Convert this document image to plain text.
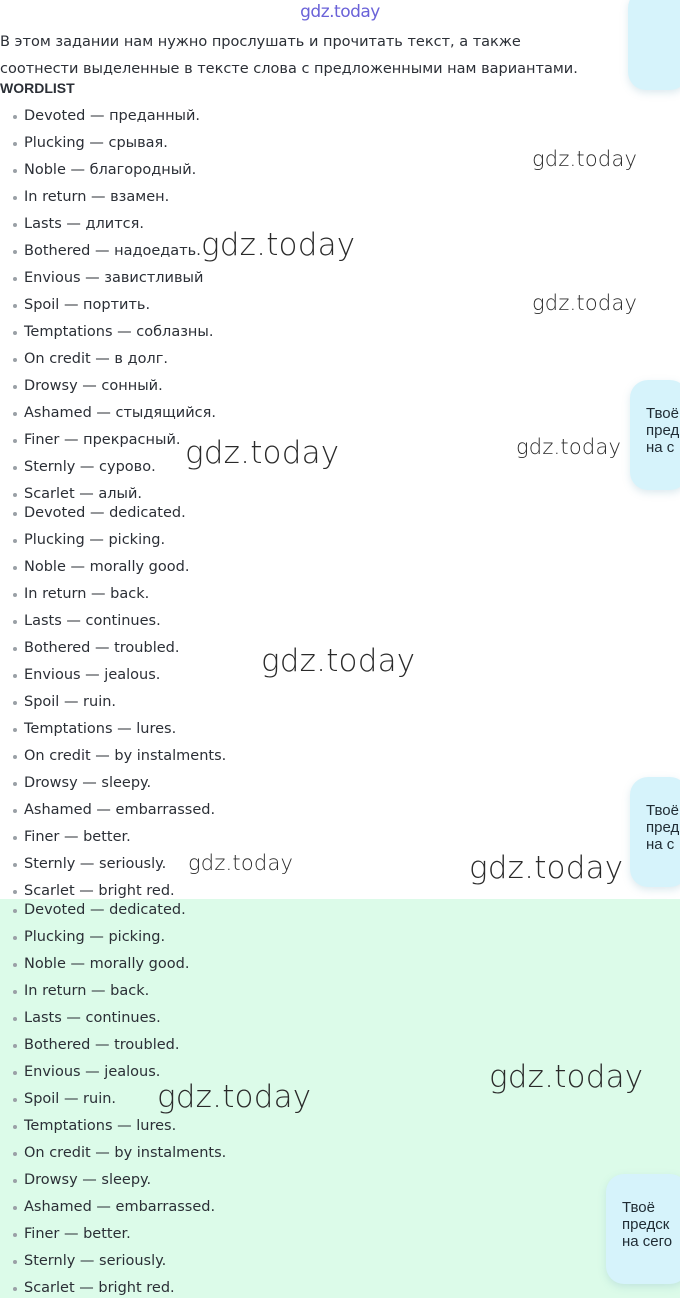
gdz.today
В этом задании нам нужно прослушать и прочитать текст, а также соотнести выделенные в тексте слова с предложенными нам вариантами.
WORDLIST
Devoted — преданный.
Plucking — срывая.
Noble — благородный.
In return — взамен.
Lasts — длится.
Bothered — надоедать.
Envious — завистливый
Spoil — портить.
Temptations — соблазны.
On credit — в долг.
Drowsy — сонный.
Ashamed — стыдящийся.
Finer — прекрасный.
Sternly — сурово.
Scarlet — алый.
Devoted — dedicated.
Plucking — picking.
Noble — morally good.
In return — back.
Lasts — continues.
Bothered — troubled.
Envious — jealous.
Spoil — ruin.
Temptations — lures.
On credit — by instalments.
Drowsy — sleepy.
Ashamed — embarrassed.
Finer — better.
Sternly — seriously.
Scarlet — bright red.
Devoted — dedicated.
Plucking — picking.
Noble — morally good.
In return — back.
Lasts — continues.
Bothered — troubled.
Envious — jealous.
Spoil — ruin.
Temptations — lures.
On credit — by instalments.
Drowsy — sleepy.
Ashamed — embarrassed.
Finer — better.
Sternly — seriously.
Scarlet — bright red.
gdz.today
gdz.today
gdz.today
gdz.today	gdz.today
gdz.today
gdz.today	gdz.today
gdz.today
gdz.today
Твоё
пред
на с
Твоё
пред
на с
Твоё
предск
на сего
